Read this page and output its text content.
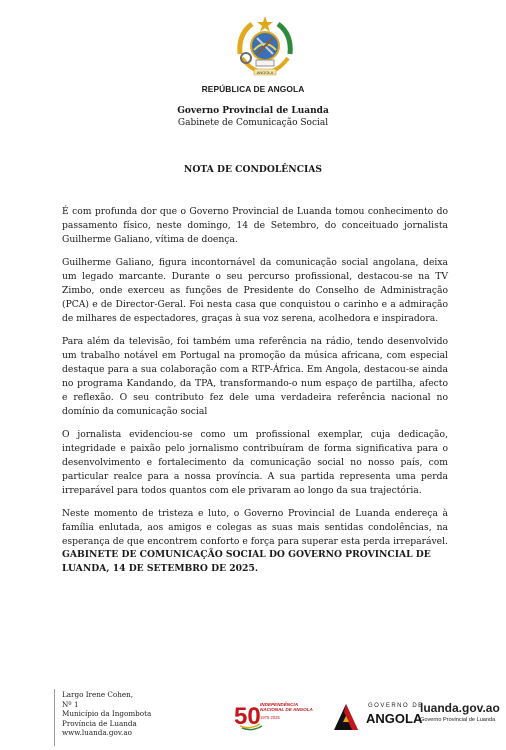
ANGOLA
REPÚBLICA DE ANGOLA
Governo Provincial de Luanda
Gabinete de Comunicação Social
NOTA DE CONDOLÊNCIAS

É com profunda dor que o Governo Provincial de Luanda tomou conhecimento do passamento físico, neste domingo, 14 de Setembro, do conceituado jornalista Guilherme Galiano, vítima de doença.

Guilherme Galiano, figura incontornável da comunicação social angolana, deixa um legado marcante. Durante o seu percurso profissional, destacou-se na TV Zimbo, onde exerceu as funções de Presidente do Conselho de Administração (PCA) e de Director-Geral. Foi nesta casa que conquistou o carinho e a admiração de milhares de espectadores, graças à sua voz serena, acolhedora e inspiradora.

Para além da televisão, foi também uma referência na rádio, tendo desenvolvido um trabalho notável em Portugal na promoção da música africana, com especial destaque para a sua colaboração com a RTP-África. Em Angola, destacou-se ainda no programa Kandando, da TPA, transformando-o num espaço de partilha, afecto e reflexão. O seu contributo fez dele uma verdadeira referência nacional no domínio da comunicação social

O jornalista evidenciou-se como um profissional exemplar, cuja dedicação, integridade e paixão pelo jornalismo contribuíram de forma significativa para o desenvolvimento e fortalecimento da comunicação social no nosso país, com particular realce para a nossa província. A sua partida representa uma perda irreparável para todos quantos com ele privaram ao longo da sua trajectória.

Neste momento de tristeza e luto, o Governo Provincial de Luanda endereça à família enlutada, aos amigos e colegas as suas mais sentidas condolências, na esperança de que encontrem conforto e força para superar esta perda irreparável.

GABINETE DE COMUNICAÇÃO SOCIAL DO GOVERNO PROVINCIAL DE LUANDA, 14 DE SETEMBRO DE 2025.
Largo Irene Cohen,
Nº 1
Município da Ingombota
Província de Luanda
www.luanda.gov.ao
50 INDEPENDÊNCIA NACIONAL DE ANGOLA
1975 2025
GOVERNO DE
ANGOLA
luanda.gov.ao
Governo Provincial de Luanda
